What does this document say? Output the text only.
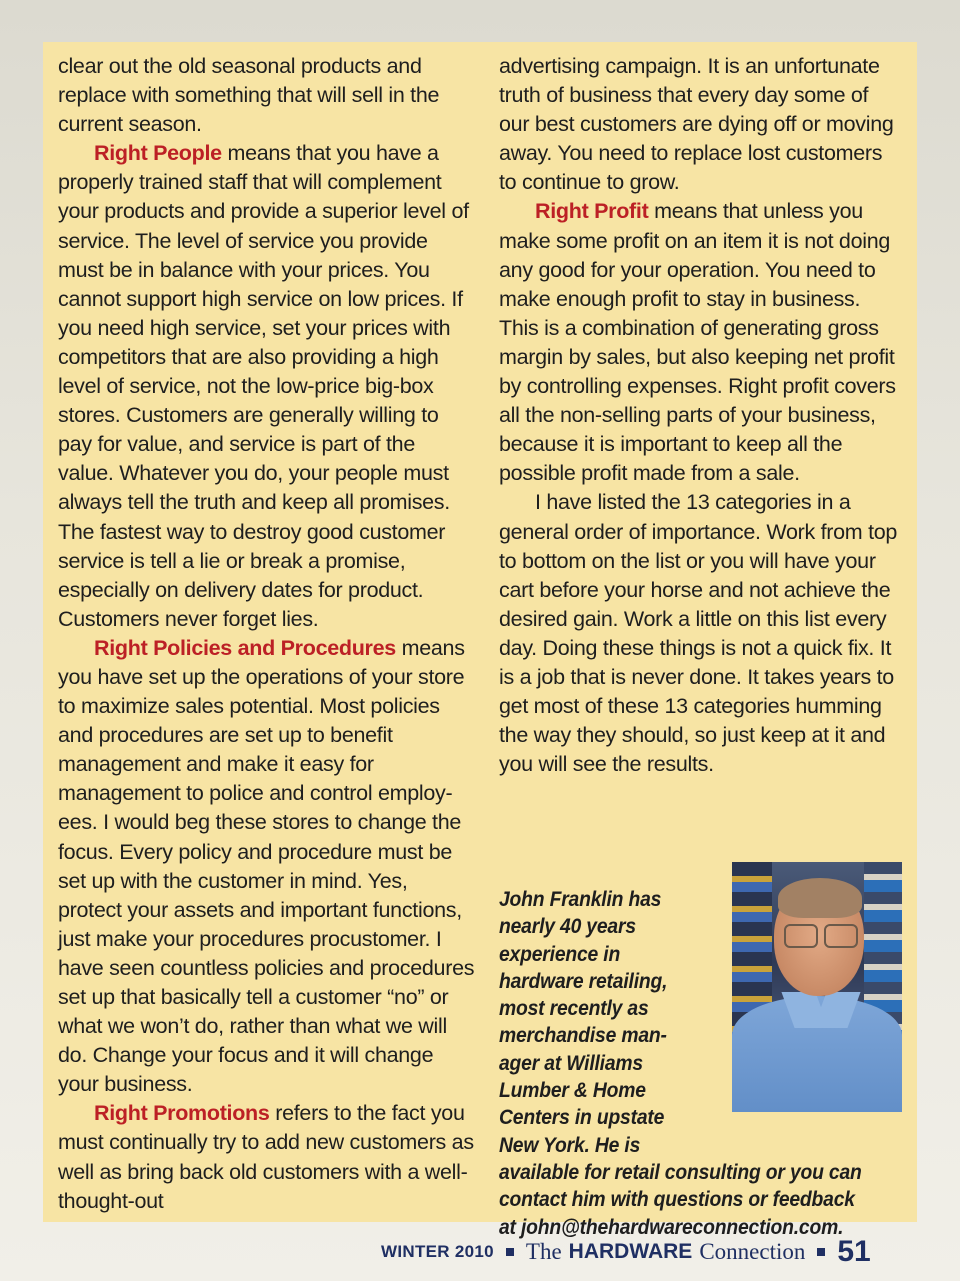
clear out the old seasonal products and replace with something that will sell in the current season.

Right People means that you have a properly trained staff that will complement your products and provide a superior level of service. The level of service you provide must be in balance with your prices. You cannot support high service on low prices. If you need high service, set your prices with competitors that are also providing a high level of service, not the low-price big-box stores. Customers are generally willing to pay for value, and service is part of the value. Whatever you do, your people must always tell the truth and keep all promises. The fastest way to destroy good customer service is tell a lie or break a promise, especially on delivery dates for product. Customers never forget lies.

Right Policies and Procedures means you have set up the operations of your store to maximize sales potential. Most policies and procedures are set up to benefit management and make it easy for management to police and control employees. I would beg these stores to change the focus. Every policy and procedure must be set up with the customer in mind. Yes, protect your assets and important functions, just make your procedures procustomer. I have seen countless policies and procedures set up that basically tell a customer “no” or what we won’t do, rather than what we will do. Change your focus and it will change your business.

Right Promotions refers to the fact you must continually try to add new customers as well as bring back old customers with a well-thought-out

advertising campaign. It is an unfortunate truth of business that every day some of our best customers are dying off or moving away. You need to replace lost customers to continue to grow.

Right Profit means that unless you make some profit on an item it is not doing any good for your operation. You need to make enough profit to stay in business. This is a combination of generating gross margin by sales, but also keeping net profit by controlling expenses. Right profit covers all the non-selling parts of your business, because it is important to keep all the possible profit made from a sale.

I have listed the 13 categories in a general order of importance. Work from top to bottom on the list or you will have your cart before your horse and not achieve the desired gain. Work a little on this list every day. Doing these things is not a quick fix. It is a job that is never done. It takes years to get most of these 13 categories humming the way they should, so just keep at it and you will see the results.

John Franklin has nearly 40 years experience in hardware retailing, most recently as merchandise manager at Williams Lumber & Home Centers in upstate New York. He is available for retail consulting or you can contact him with questions or feedback at john@thehardwareconnection.com.
WINTER 2010 The HARDWARE Connection 51
